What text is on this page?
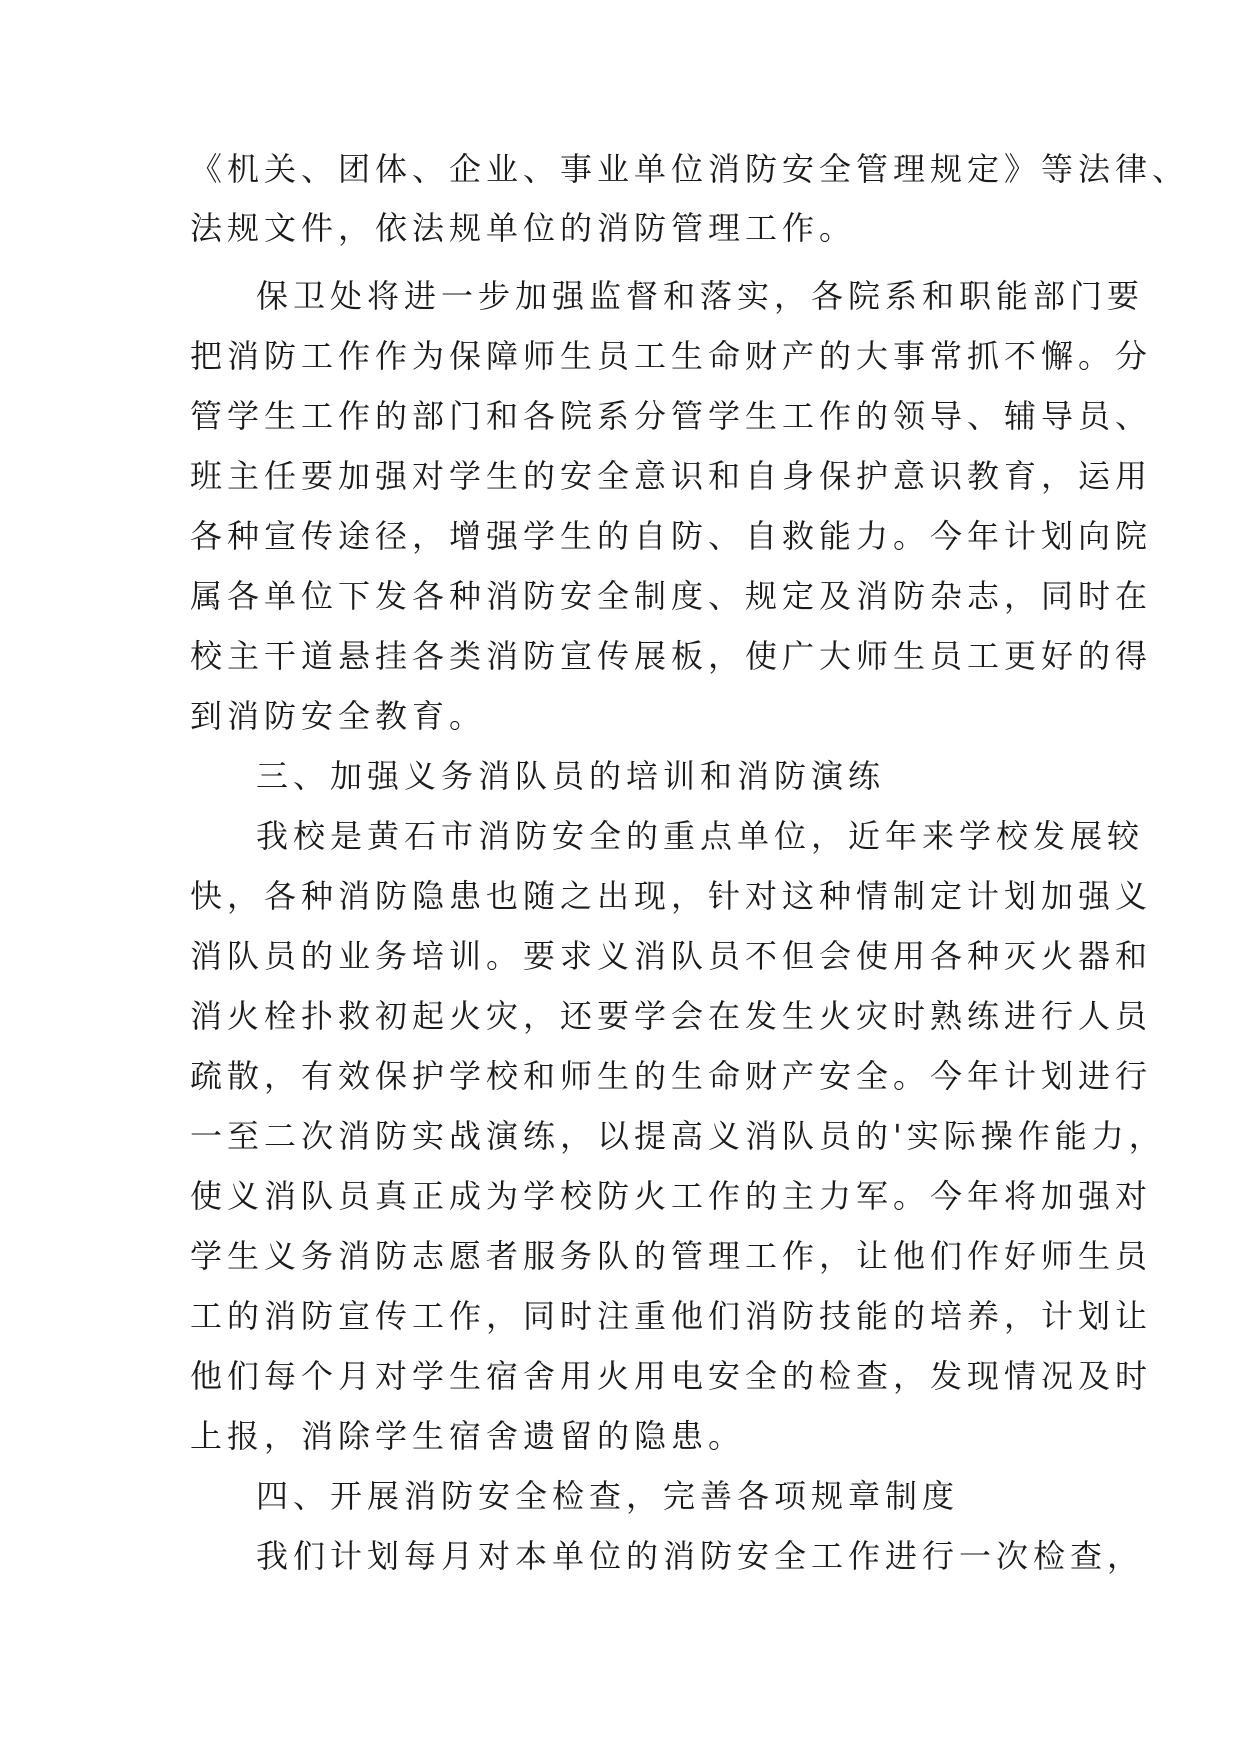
《机关、团体、企业、事业单位消防安全管理规定》等法律、
法规文件，依法规单位的消防管理工作。
保卫处将进一步加强监督和落实，各院系和职能部门要
把消防工作作为保障师生员工生命财产的大事常抓不懈。分
管学生工作的部门和各院系分管学生工作的领导、辅导员、
班主任要加强对学生的安全意识和自身保护意识教育，运用
各种宣传途径，增强学生的自防、自救能力。今年计划向院
属各单位下发各种消防安全制度、规定及消防杂志，同时在
校主干道悬挂各类消防宣传展板，使广大师生员工更好的得
到消防安全教育。
三、加强义务消队员的培训和消防演练
我校是黄石市消防安全的重点单位，近年来学校发展较
快，各种消防隐患也随之出现，针对这种情制定计划加强义
消队员的业务培训。要求义消队员不但会使用各种灭火器和
消火栓扑救初起火灾，还要学会在发生火灾时熟练进行人员
疏散，有效保护学校和师生的生命财产安全。今年计划进行
一至二次消防实战演练，以提高义消队员的'实际操作能力，
使义消队员真正成为学校防火工作的主力军。今年将加强对
学生义务消防志愿者服务队的管理工作，让他们作好师生员
工的消防宣传工作，同时注重他们消防技能的培养，计划让
他们每个月对学生宿舍用火用电安全的检查，发现情况及时
上报，消除学生宿舍遗留的隐患。
四、开展消防安全检查，完善各项规章制度
我们计划每月对本单位的消防安全工作进行一次检查，
